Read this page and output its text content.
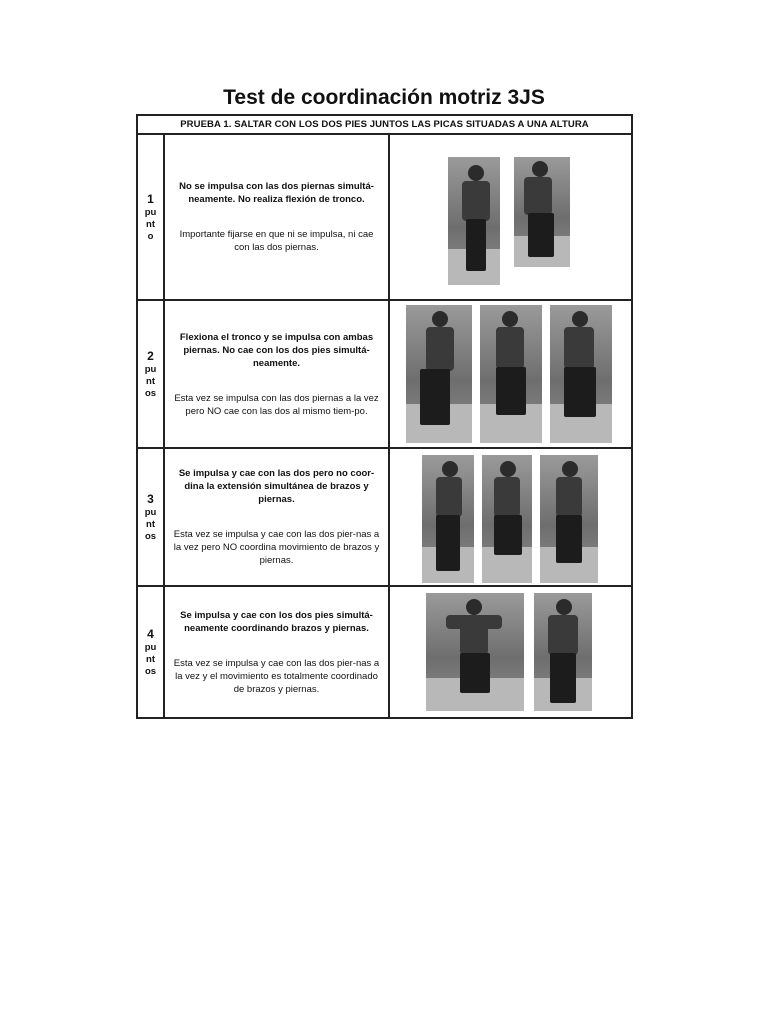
Test de coordinación motriz 3JS
PRUEBA 1. SALTAR CON LOS DOS PIES JUNTOS LAS PICAS SITUADAS A UNA ALTURA		

1
pu
nt
o	No se impulsa con las dos piernas simultá-neamente. No realiza flexión de tronco.
Importante fijarse en que ni se impulsa, ni cae con las dos piernas.	

2
pu
nt
os	Flexiona el tronco y se impulsa con ambas piernas. No cae con los dos pies simultá-neamente.
Esta vez se impulsa con las dos piernas a la vez pero NO cae con las dos al mismo tiem-po.	

3
pu
nt
os	Se impulsa y cae con las dos pero no coor-dina la extensión simultánea de brazos y piernas.
Esta vez se impulsa y cae con las dos pier-nas a la vez pero NO coordina movimiento de brazos y piernas.	

4
pu
nt
os	Se impulsa y cae con los dos pies simultá-neamente coordinando brazos y piernas.
Esta vez se impulsa y cae con las dos pier-nas a la vez y el movimiento es totalmente coordinado de brazos y piernas.	
